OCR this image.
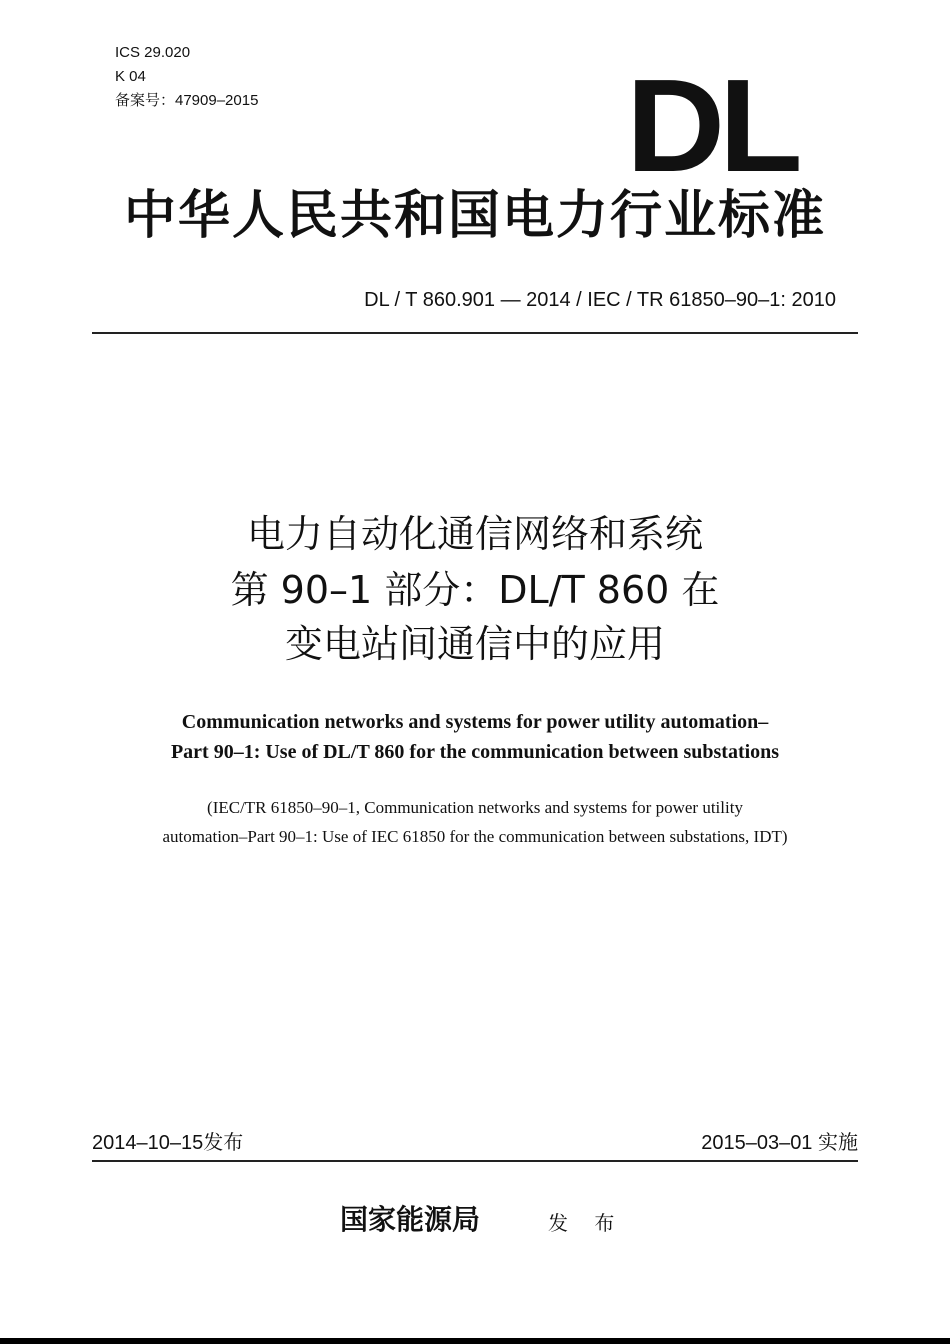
ICS 29.020
K 04
备案号：47909–2015	DL
中华人民共和国电力行业标准
DL / T 860.901 — 2014 / IEC / TR 61850–90–1: 2010
电力自动化通信网络和系统
第 90–1 部分：DL/T 860 在
变电站间通信中的应用
Communication networks and systems for power utility automation–
Part 90–1: Use of DL/T 860 for the communication between substations
(IEC/TR 61850–90–1, Communication networks and systems for power utility
automation–Part 90–1: Use of IEC 61850 for the communication between substations, IDT)
2014–10–15发布	2015–03–01 实施
国家能源局	发 布
